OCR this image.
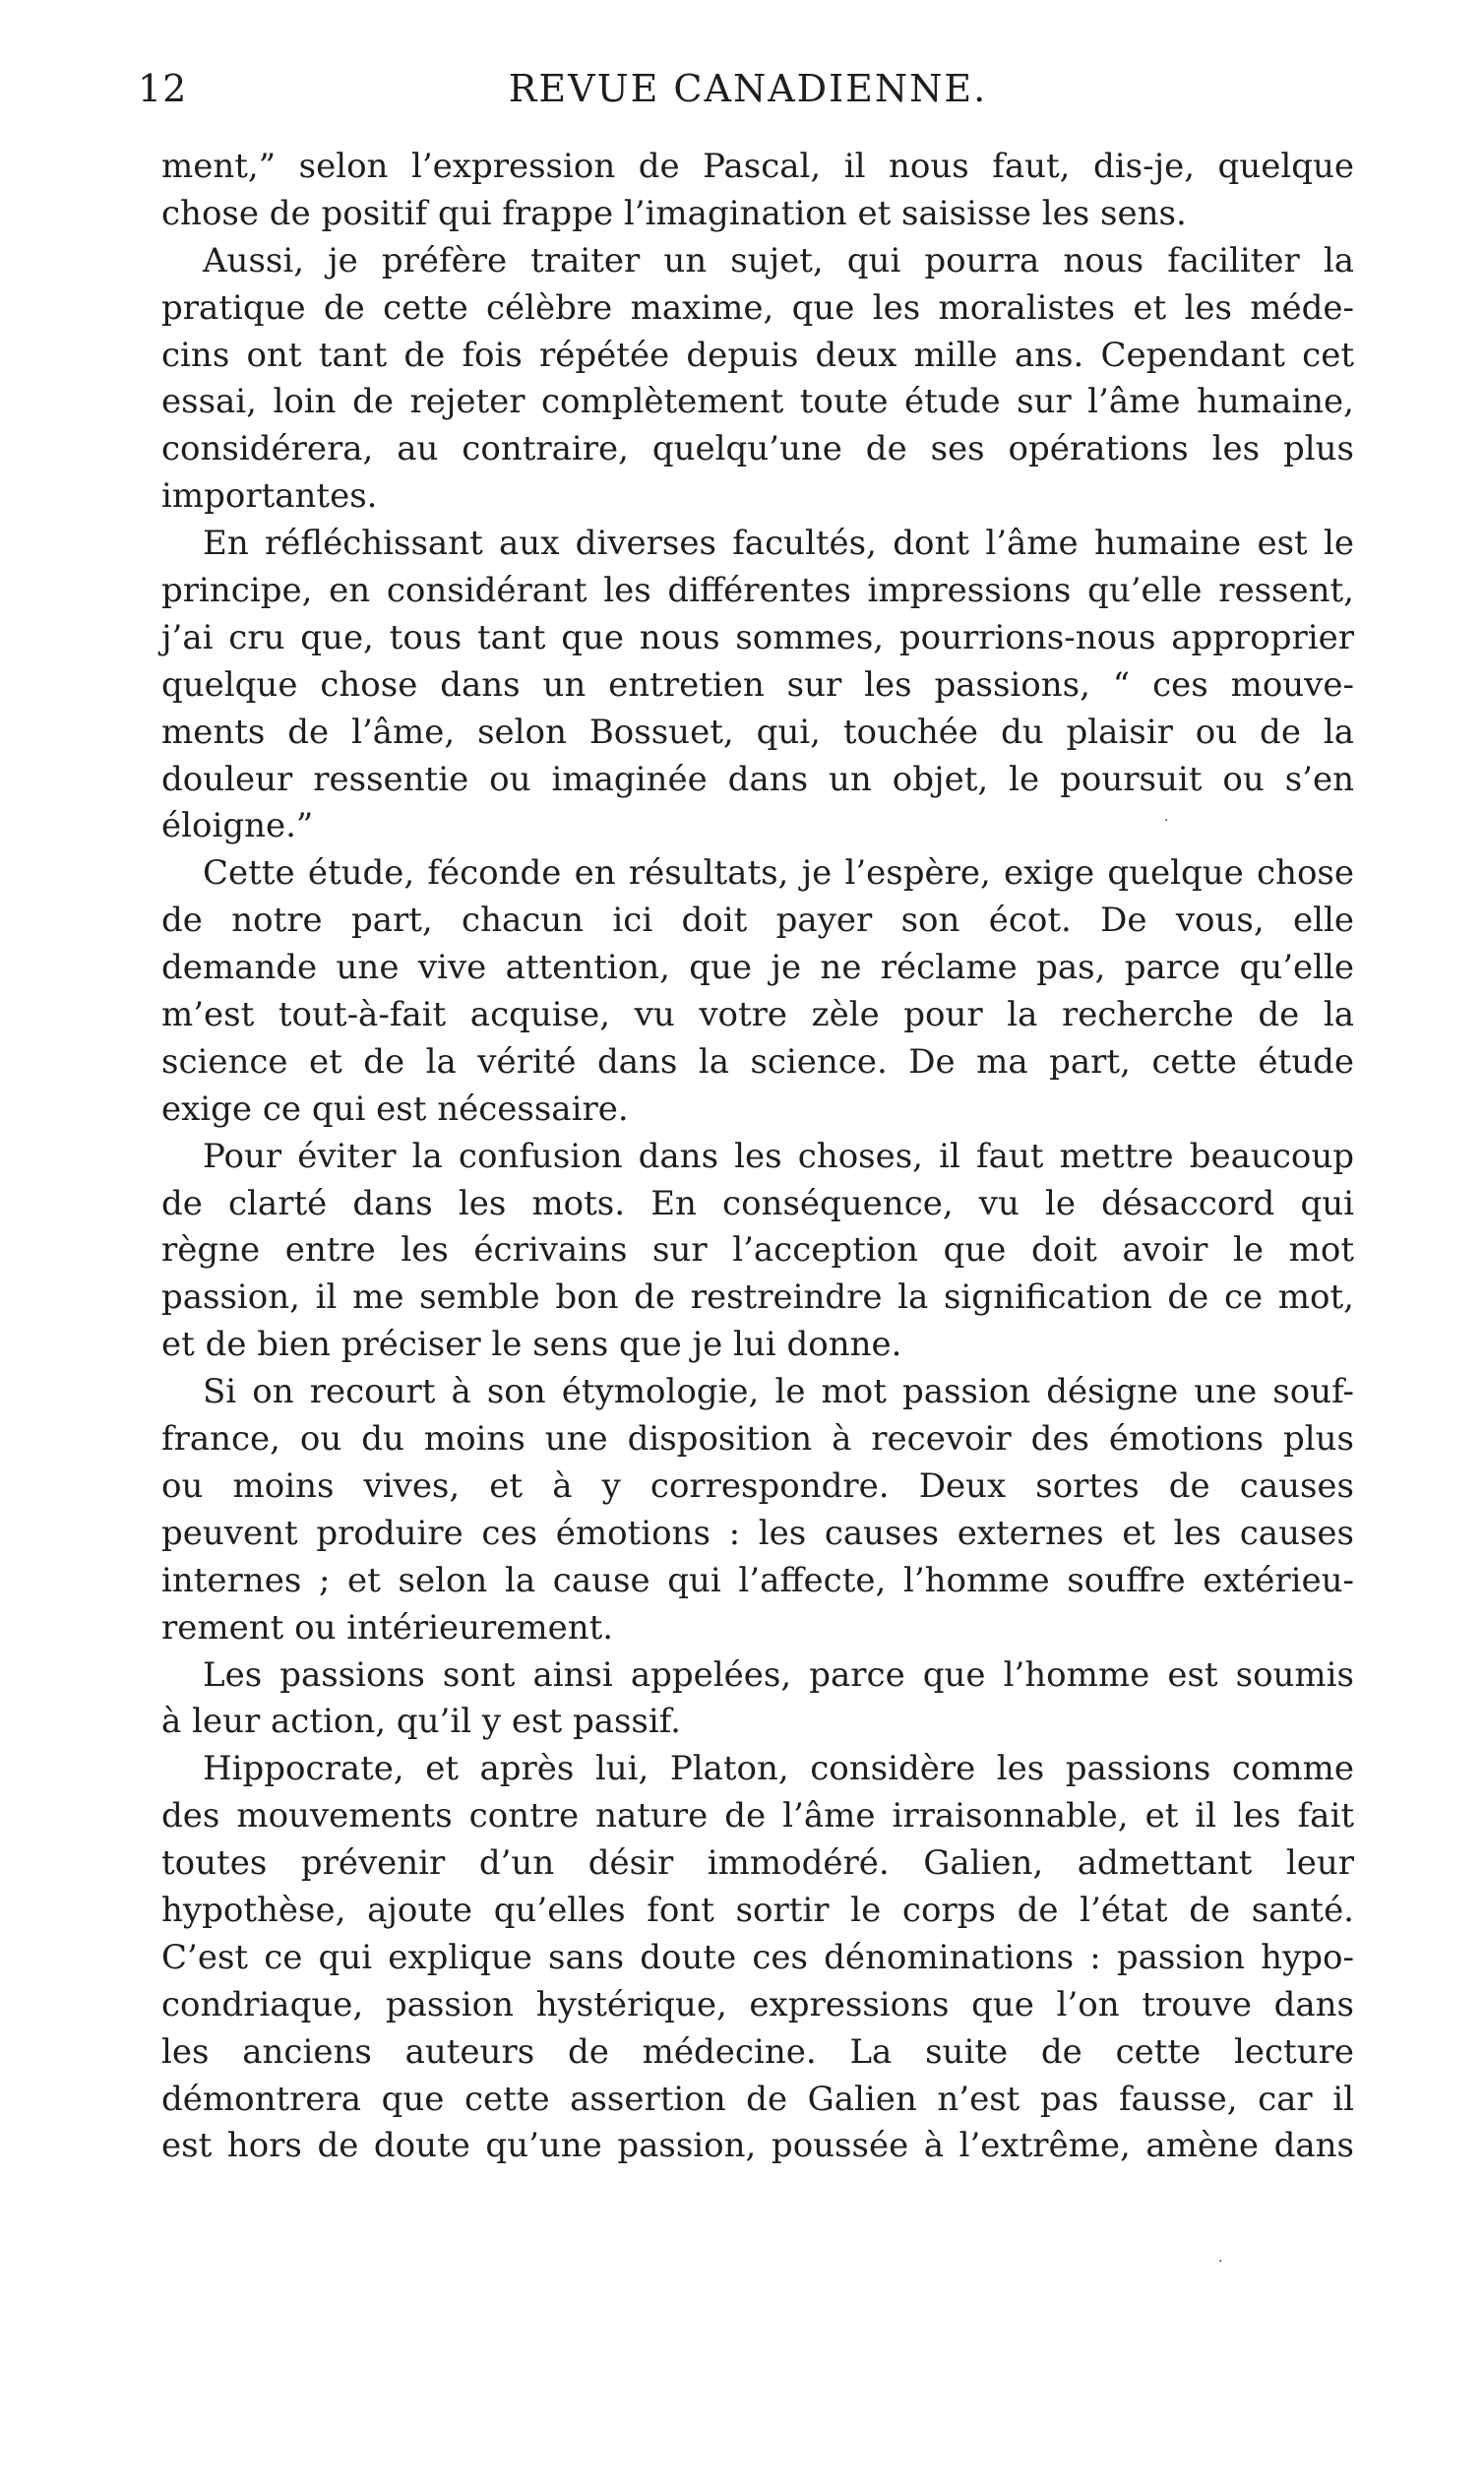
12	REVUE CANADIENNE.
ment,” selon l’expression de Pascal, il nous faut, dis-je, quelque
chose de positif qui frappe l’imagination et saisisse les sens.
Aussi, je préfère traiter un sujet, qui pourra nous faciliter la
pratique de cette célèbre maxime, que les moralistes et les méde-
cins ont tant de fois répétée depuis deux mille ans. Cependant cet
essai, loin de rejeter complètement toute étude sur l’âme humaine,
considérera, au contraire, quelqu’une de ses opérations les plus
importantes.
En réfléchissant aux diverses facultés, dont l’âme humaine est le
principe, en considérant les différentes impressions qu’elle ressent,
j’ai cru que, tous tant que nous sommes, pourrions-nous approprier
quelque chose dans un entretien sur les passions, “ ces mouve-
ments de l’âme, selon Bossuet, qui, touchée du plaisir ou de la
douleur ressentie ou imaginée dans un objet, le poursuit ou s’en
éloigne.”
Cette étude, féconde en résultats, je l’espère, exige quelque chose
de notre part, chacun ici doit payer son écot. De vous, elle
demande une vive attention, que je ne réclame pas, parce qu’elle
m’est tout-à-fait acquise, vu votre zèle pour la recherche de la
science et de la vérité dans la science. De ma part, cette étude
exige ce qui est nécessaire.
Pour éviter la confusion dans les choses, il faut mettre beaucoup
de clarté dans les mots. En conséquence, vu le désaccord qui
règne entre les écrivains sur l’acception que doit avoir le mot
passion, il me semble bon de restreindre la signification de ce mot,
et de bien préciser le sens que je lui donne.
Si on recourt à son étymologie, le mot passion désigne une souf-
france, ou du moins une disposition à recevoir des émotions plus
ou moins vives, et à y correspondre. Deux sortes de causes
peuvent produire ces émotions : les causes externes et les causes
internes ; et selon la cause qui l’affecte, l’homme souffre extérieu-
rement ou intérieurement.
Les passions sont ainsi appelées, parce que l’homme est soumis
à leur action, qu’il y est passif.
Hippocrate, et après lui, Platon, considère les passions comme
des mouvements contre nature de l’âme irraisonnable, et il les fait
toutes prévenir d’un désir immodéré. Galien, admettant leur
hypothèse, ajoute qu’elles font sortir le corps de l’état de santé.
C’est ce qui explique sans doute ces dénominations : passion hypo-
condriaque, passion hystérique, expressions que l’on trouve dans
les anciens auteurs de médecine. La suite de cette lecture
démontrera que cette assertion de Galien n’est pas fausse, car il
est hors de doute qu’une passion, poussée à l’extrême, amène dans
·
·
